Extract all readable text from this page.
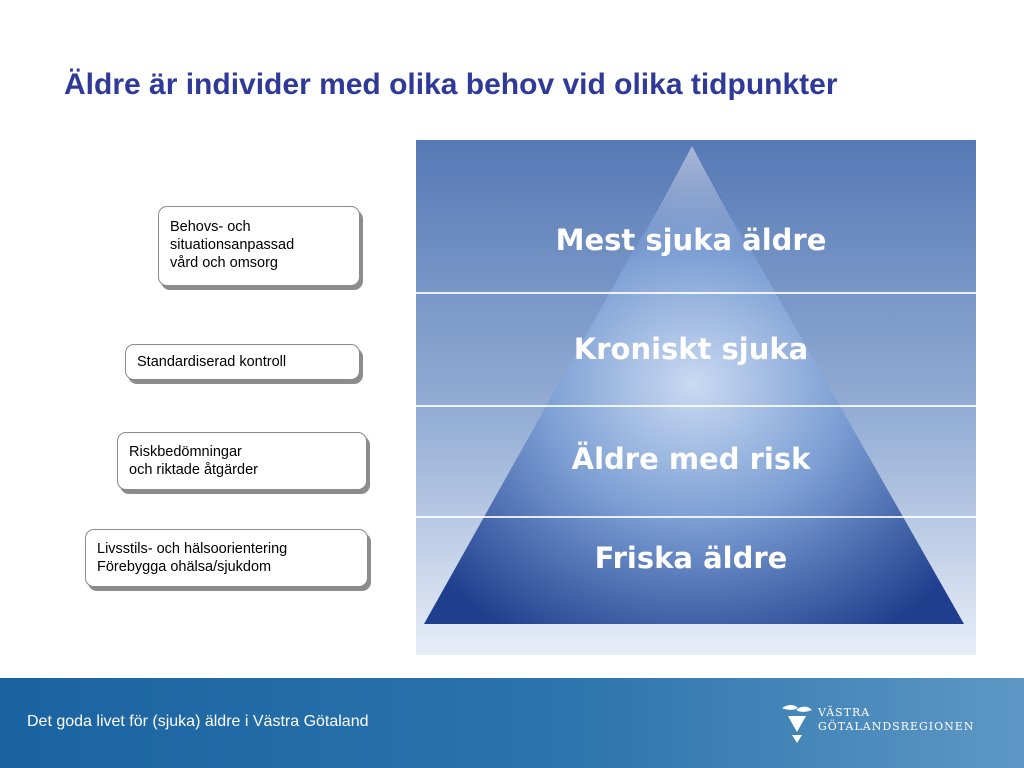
Äldre är individer med olika behov vid olika tidpunkter
Behovs- och
situationsanpassad
vård och omsorg
Standardiserad kontroll
Riskbedömningar
och riktade åtgärder
Livsstils- och hälsoorientering
Förebygga ohälsa/sjukdom
Mest sjuka äldre
Kroniskt sjuka
Äldre med risk
Friska äldre
Det goda livet för (sjuka) äldre i Västra Götaland
VÄSTRA
GÖTALANDSREGIONEN
